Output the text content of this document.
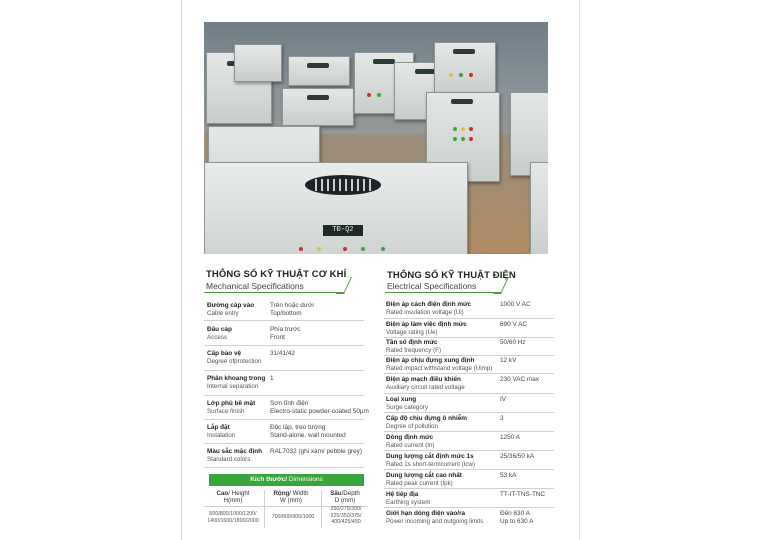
TĐ-Q2
THÔNG SỐ KỸ THUẬT CƠ KHÍ
Mechanical Specifications
THÔNG SỐ KỸ THUẬT ĐIỆN
Electrical Specifications
Đường cáp vào
Cable entry
Trên hoặc dưới
Top/bottom
Đấu cáp
Access
Phía trước
Front
Cấp bảo vệ
Degree ofprotection
31/41/42
Phân khoang trong
Internal separation
1
Lớp phủ bề mặt
Surface finish
Sơn tĩnh điện
Electro-static powder-coated 50µm
Lắp đặt
Instalation
Độc lập, treo tường
Stand-alone, wall mounted
Màu sắc mặc định
Standard colors
RAL7032 (ghi xám/ pebble grey)
Kích thước/ Dimensions
Cao/ Height
H(mm)
Rộng/ Width
W (mm)
Sâu/Depth
D (mm)
600/800/1000/1200/
1400/1600/1800/2000
700/800/900/1000
250/275/300/
325/350/375/
400/425/450
Điện áp cách điện định mức
Rated insulation voltage (Ui)
1000 V AC
Điện áp làm việc định mức
Voltage rating (Ue)
690 V AC
Tần số định mức
Rated frequency (F)
50/60 Hz
Điện áp chịu đựng xung định
Rated impact withstand voltage (Uimp)
12 kV
Điện áp mạch điều khiển
Auxiliary circuit rated voltage
230 VAC max
Loại xung
Surge category
IV
Cấp độ chịu đựng ô nhiễm
Degree of pollution
3
Dòng định mức
Rated current (In)
1250 A
Dung lượng cắt định mức 1s
Rated 1s short-termcurrent (Icw)
25/36/50 kA
Dung lượng cắt cao nhất
Rated peak current (Ipk)
53 kA
Hệ tiếp địa
Earthing system
TT-IT-TNS-TNC
Giới hạn dòng điện vào/ra
Power incoming and outgoing limits
Đến 630 A
Up to 630 A
